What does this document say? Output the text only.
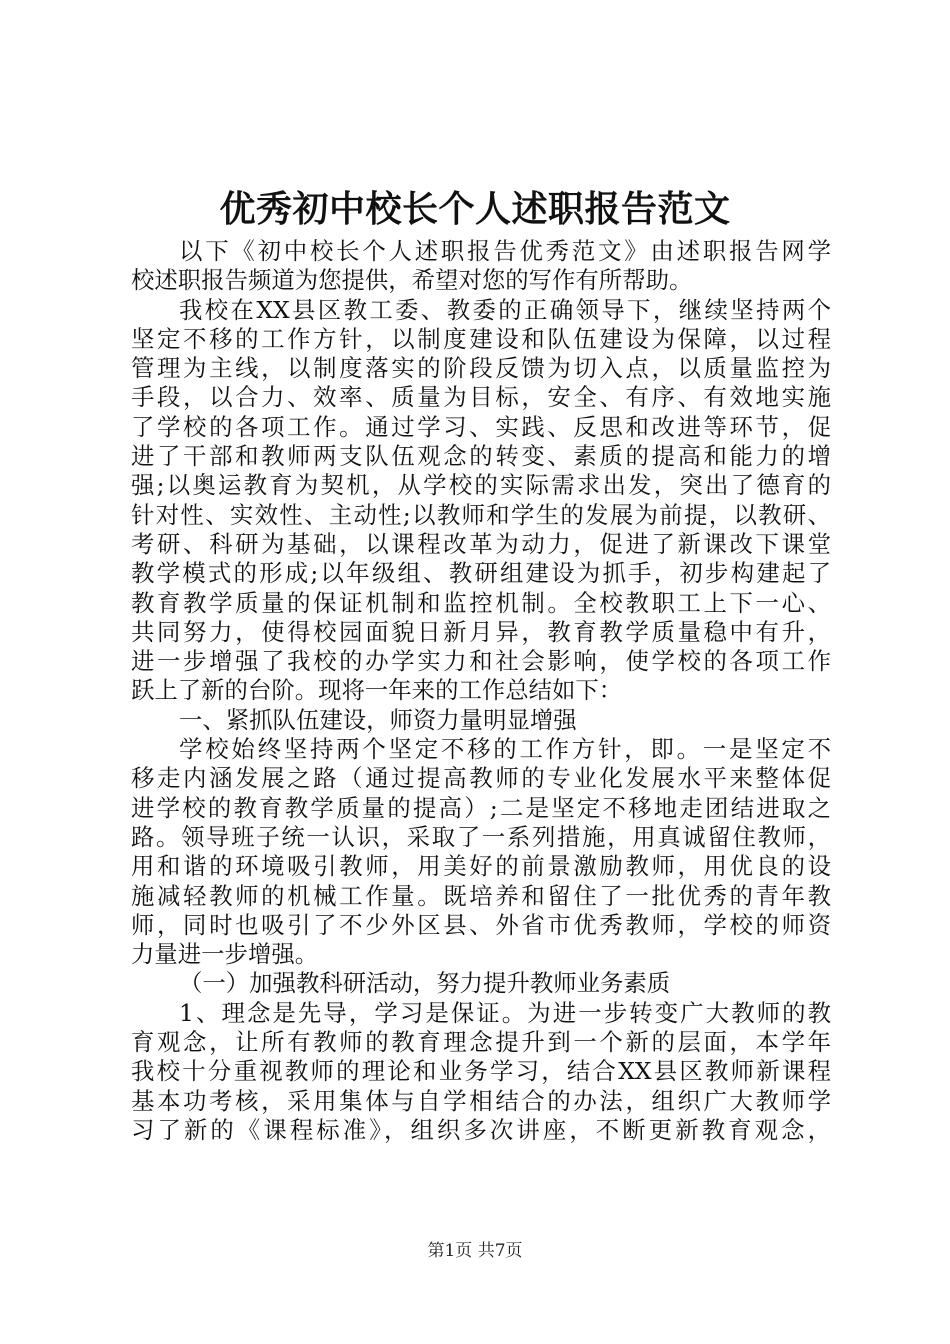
优秀初中校长个人述职报告范文
以下《初中校长个人述职报告优秀范文》由述职报告网学
校述职报告频道为您提供，希望对您的写作有所帮助。
我校在XX县区教工委、教委的正确领导下，继续坚持两个
坚定不移的工作方针，以制度建设和队伍建设为保障，以过程
管理为主线，以制度落实的阶段反馈为切入点，以质量监控为
手段，以合力、效率、质量为目标，安全、有序、有效地实施
了学校的各项工作。通过学习、实践、反思和改进等环节，促
进了干部和教师两支队伍观念的转变、素质的提高和能力的增
强;以奥运教育为契机，从学校的实际需求出发，突出了德育的
针对性、实效性、主动性;以教师和学生的发展为前提，以教研、
考研、科研为基础，以课程改革为动力，促进了新课改下课堂
教学模式的形成;以年级组、教研组建设为抓手，初步构建起了
教育教学质量的保证机制和监控机制。全校教职工上下一心、
共同努力，使得校园面貌日新月异，教育教学质量稳中有升，
进一步增强了我校的办学实力和社会影响，使学校的各项工作
跃上了新的台阶。现将一年来的工作总结如下：
一、紧抓队伍建设，师资力量明显增强
学校始终坚持两个坚定不移的工作方针，即。一是坚定不
移走内涵发展之路（通过提高教师的专业化发展水平来整体促
进学校的教育教学质量的提高）;二是坚定不移地走团结进取之
路。领导班子统一认识，采取了一系列措施，用真诚留住教师，
用和谐的环境吸引教师，用美好的前景激励教师，用优良的设
施减轻教师的机械工作量。既培养和留住了一批优秀的青年教
师，同时也吸引了不少外区县、外省市优秀教师，学校的师资
力量进一步增强。
（一）加强教科研活动，努力提升教师业务素质
1、理念是先导，学习是保证。为进一步转变广大教师的教
育观念，让所有教师的教育理念提升到一个新的层面，本学年
我校十分重视教师的理论和业务学习，结合XX县区教师新课程
基本功考核，采用集体与自学相结合的办法，组织广大教师学
习了新的《课程标准》，组织多次讲座，不断更新教育观念，
第1页 共7页
